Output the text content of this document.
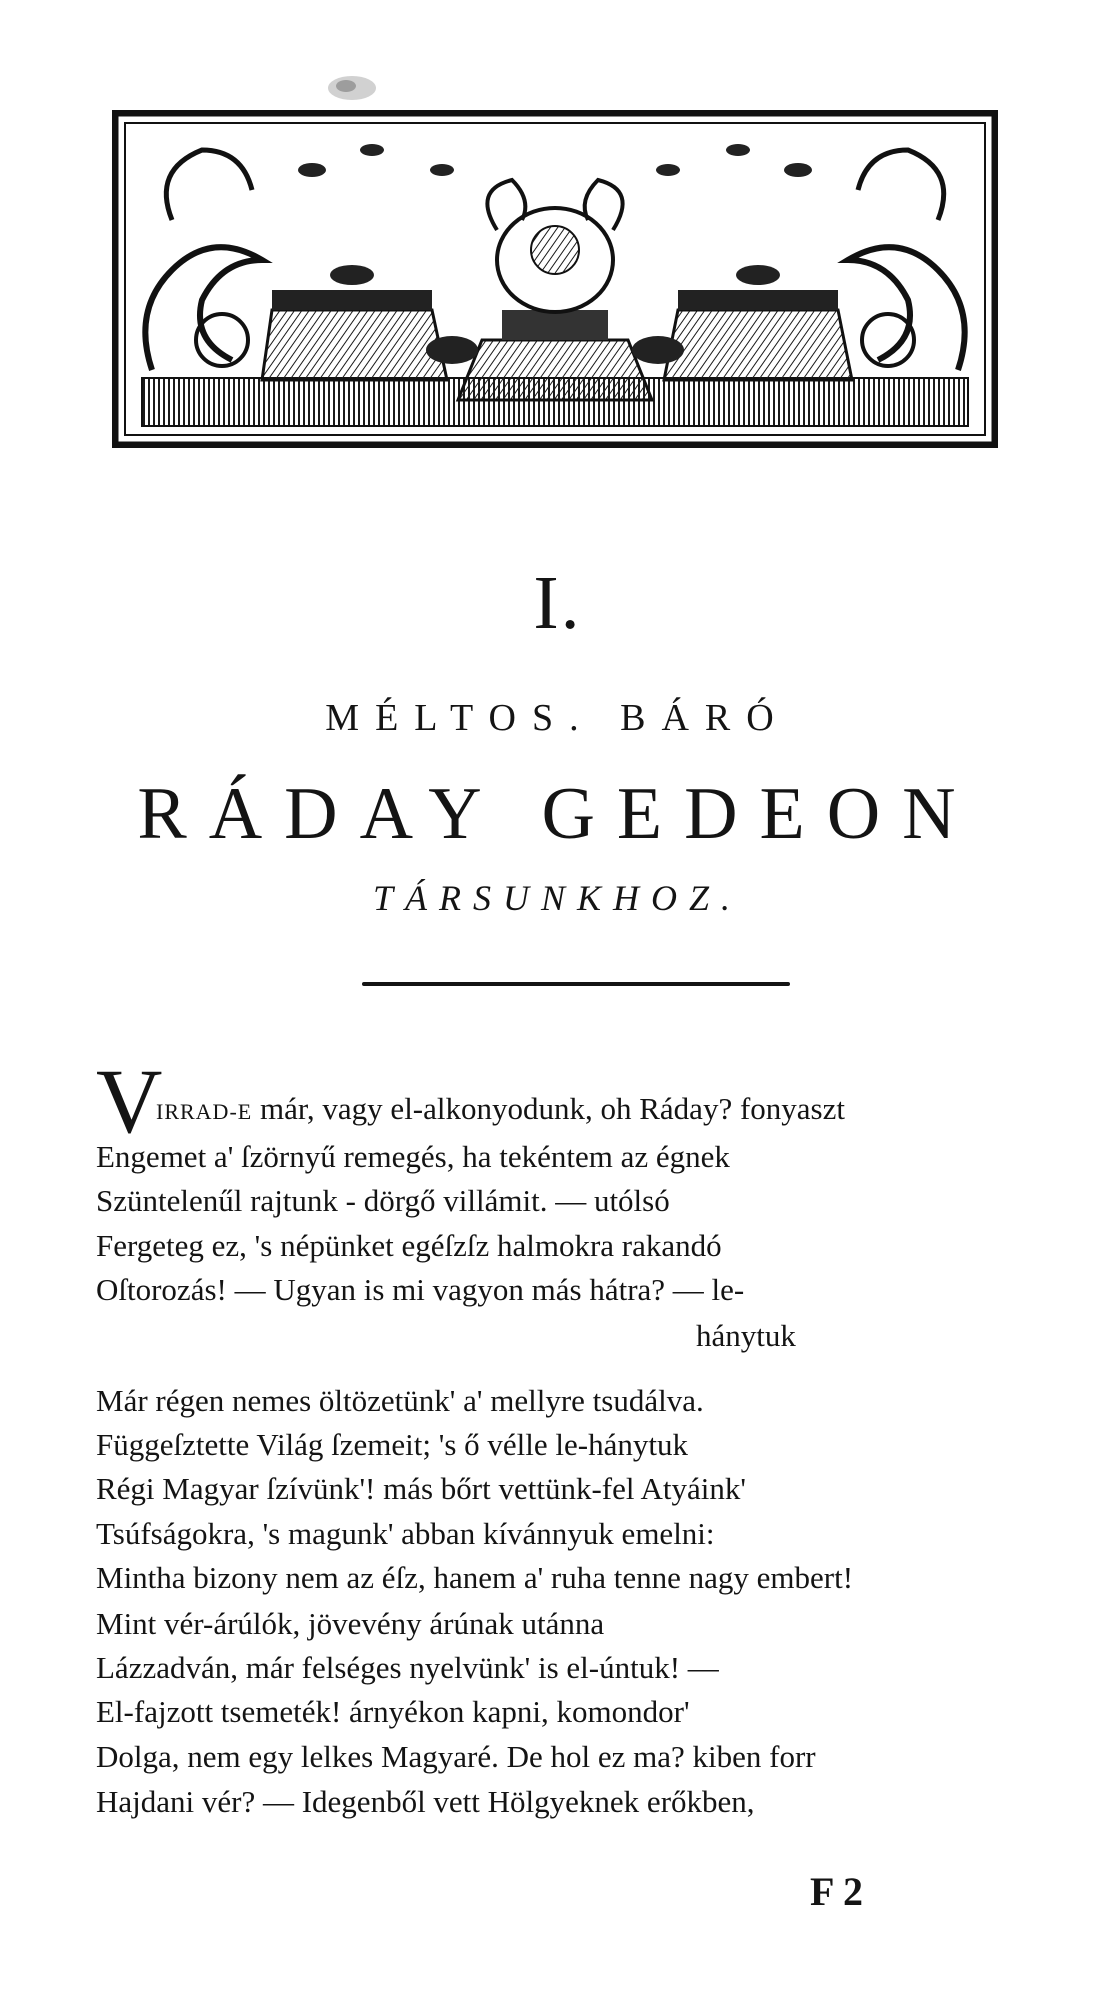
I.
MÉLTOS. BÁRÓ
RÁDAY GEDEON
TÁRSUNKHOZ.
V
IRRAD-E már, vagy el-alkonyodunk, oh Ráday? fonyaszt
Engemet a' ſzörnyű remegés, ha tekéntem az égnek
Szüntelenűl rajtunk - dörgő villámit. — utólsó
Fergeteg ez, 's népünket egéſzſz halmokra rakandó
Oſtorozás! — Ugyan is mi vagyon más hátra? — le-
hánytuk
Már régen nemes öltözetünk' a' mellyre tsudálva.
Függeſztette Világ ſzemeit; 's ő vélle le-hánytuk
Régi Magyar ſzívünk'! más bőrt vettünk-fel Atyáink'
Tsúfságokra, 's magunk' abban kívánnyuk emelni:
Mintha bizony nem az éſz, hanem a' ruha tenne nagy embert!
Mint vér-árúlók, jövevény árúnak utánna
Lázzadván, már felséges nyelvünk' is el-úntuk! —
El-fajzott tsemeték! árnyékon kapni, komondor'
Dolga, nem egy lelkes Magyaré. De hol ez ma? kiben forr
Hajdani vér? — Idegenből vett Hölgyeknek erőkben,
F 2
